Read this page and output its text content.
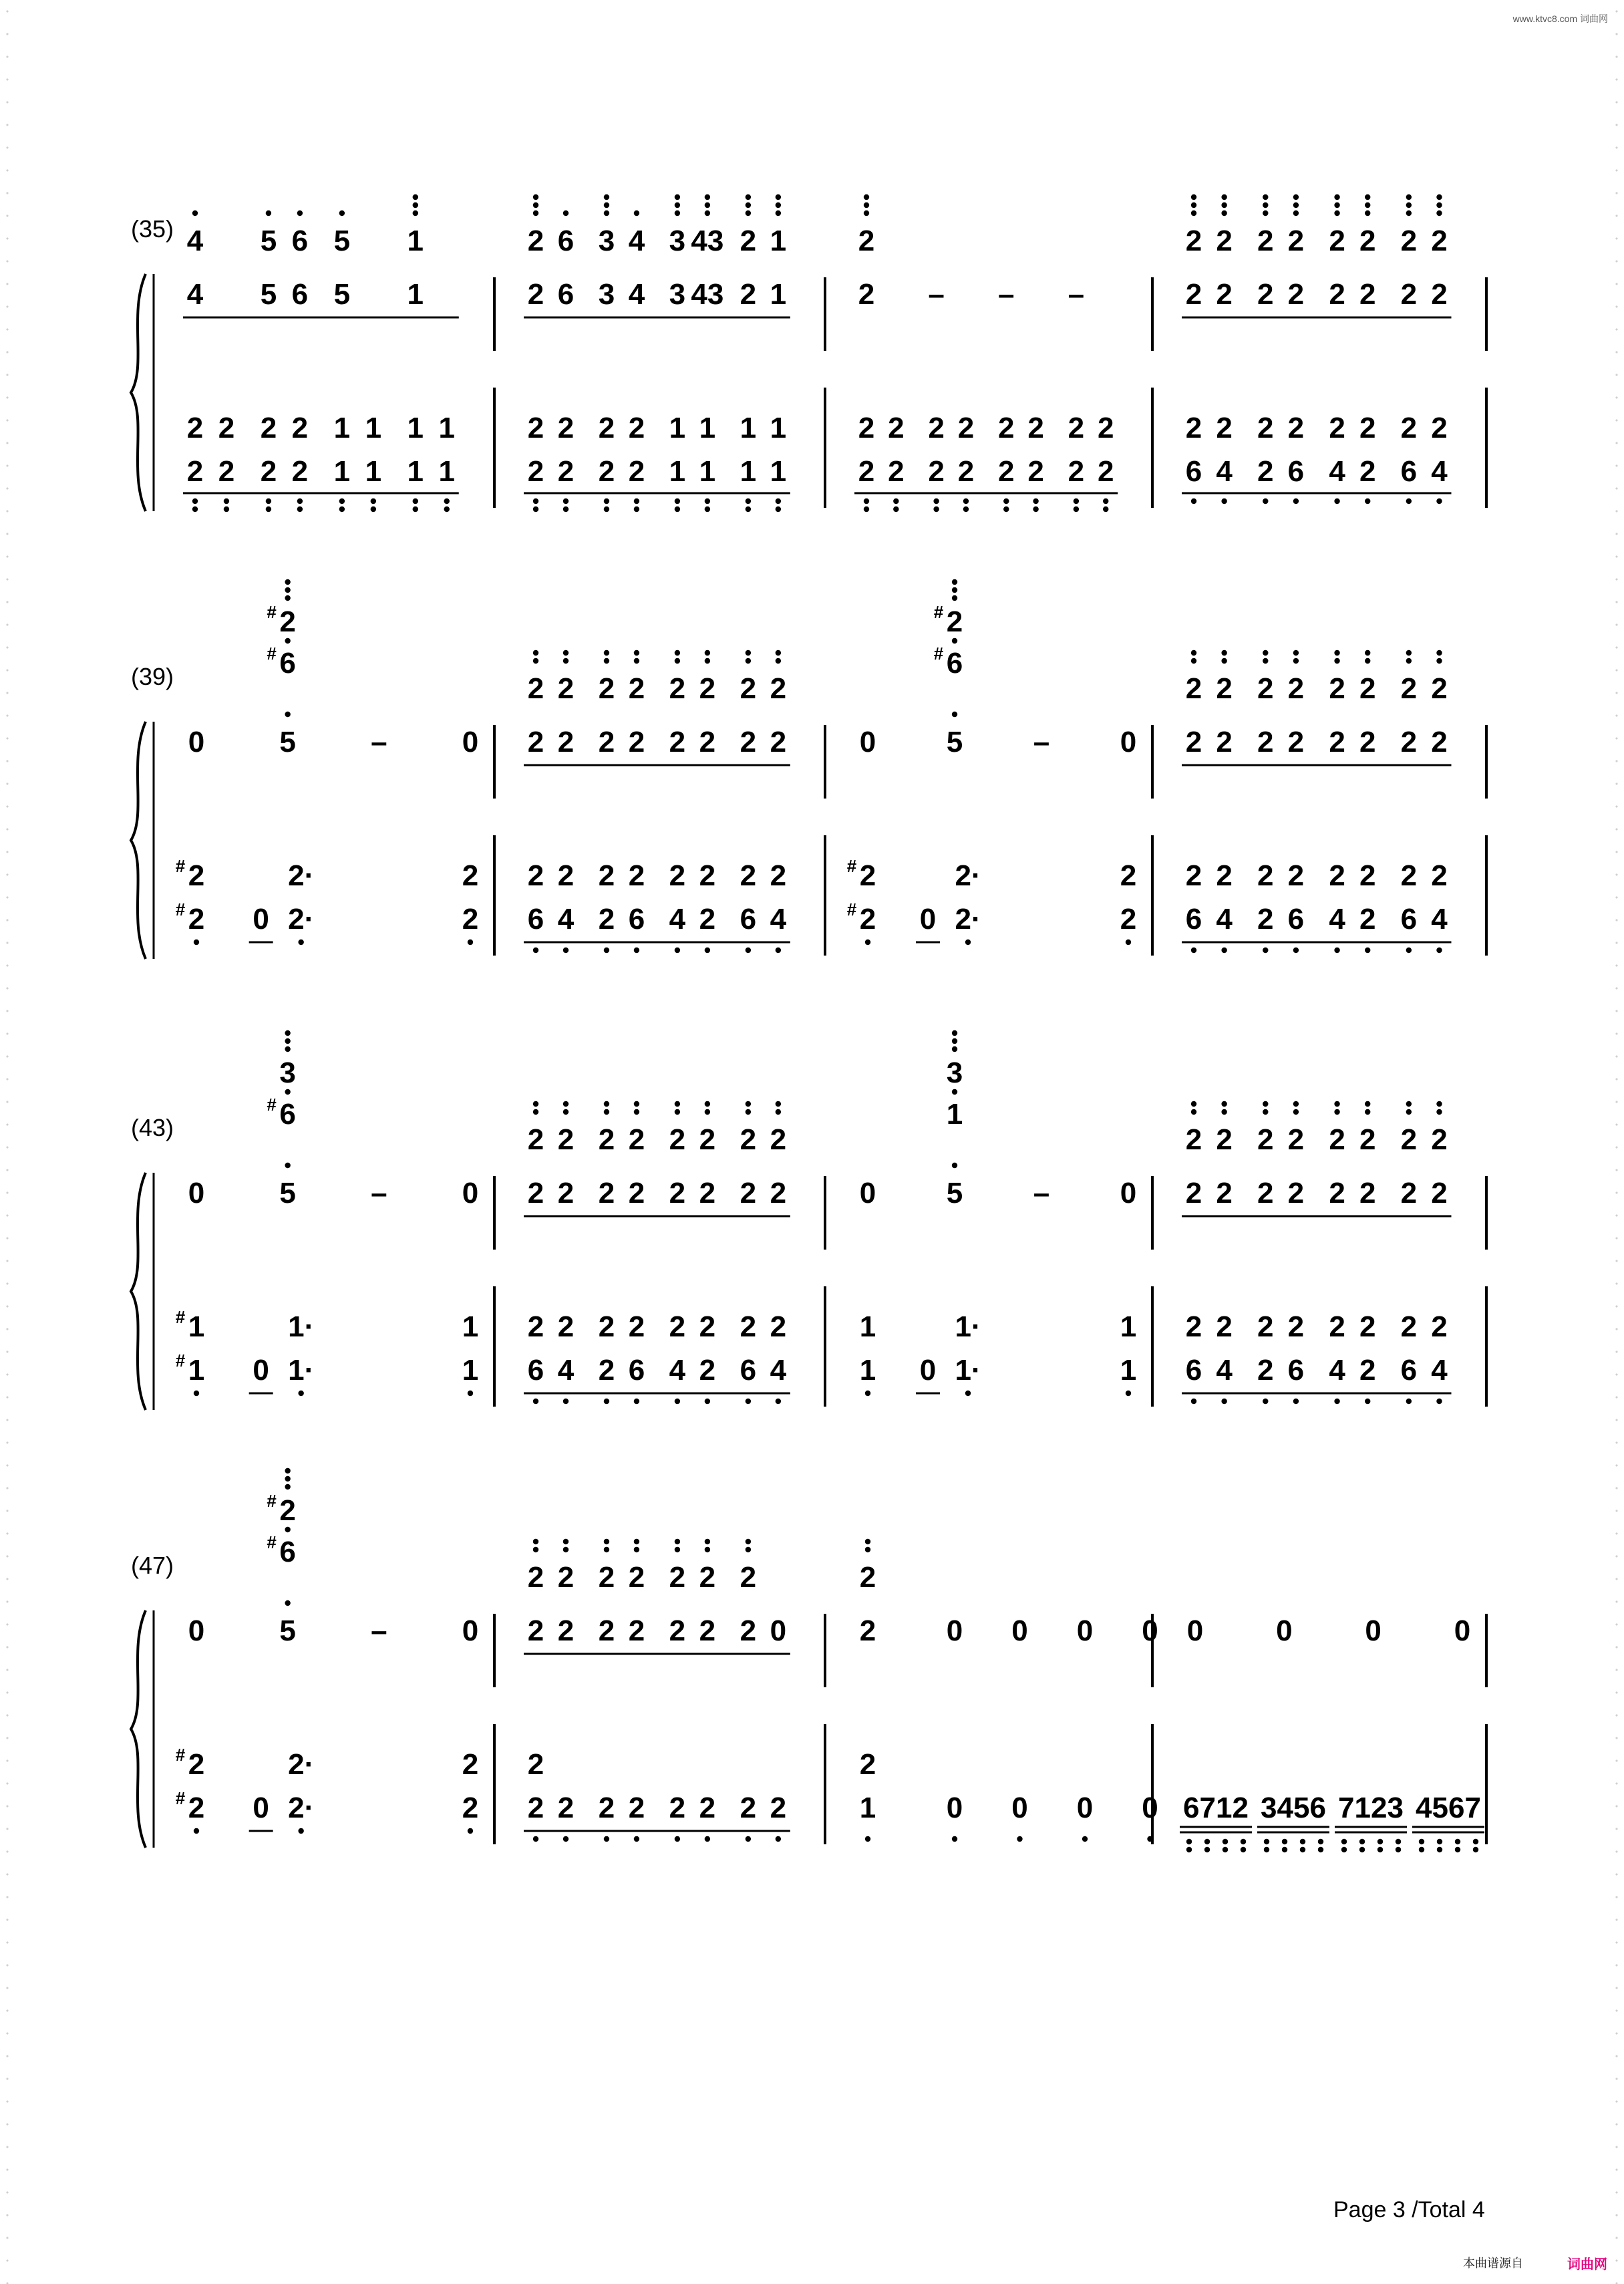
www.ktvc8.com 词曲网
(35) 4 5 6 5 1
4 5 6 5 1
2 2 2 2 1 1 1 1
2 2 2 2 1 1 1 1
2 6 3 4 3 43 2 1
2 6 3 4 3 43 2 1
2 2 2 2 1 1 1 1
2 2 2 2 1 1 1 1
2
2 – – –
2 2 2 2 2 2 2 2
2 2 2 2 2 2 2 2
2 2 2 2 2 2 2 2
2 2 2 2 2 2 2 2
2 2 2 2 2 2 2 2
6 4 2 6 4 2 6 4
(39)
# 2
# 6
0	5	–	0
# 2	2·	2
# 2 0 2·	2
2 2 2 2 2 2 2 2
2 2 2 2 2 2 2 2
2 2 2 2 2 2 2 2
6 4 2 6 4 2 6 4
# 2
# 6
0 5 – 0
# 2	2·	2
# 2 0 2·	2
2 2 2 2 2 2 2 2
2 2 2 2 2 2 2 2
2 2 2 2 2 2 2 2
6 4 2 6 4 2 6 4
(43)
3
# 6
0	5	–	0
# 1	1·	1
# 1 0 1·	1
2 2 2 2 2 2 2 2
2 2 2 2 2 2 2 2
2 2 2 2 2 2 2 2
6 4 2 6 4 2 6 4
3
1
0 5 – 0
1	1·	1
1 0 1·	1
2 2 2 2 2 2 2 2
2 2 2 2 2 2 2 2
2 2 2 2 2 2 2 2
6 4 2 6 4 2 6 4
(47)
# 2
# 6
0	5	–	0
# 2	2·	2
# 2 0 2·	2
2 2 2 2 2 2 2
2 2 2 2 2 2 2 0
2
2 2 2 2 2 2 2 2
2
2 0 0 0 0
2
1 0 0 0 0
0 0 0 0
6712 3456 7123 4567
Page 3 /Total 4
本曲谱源自	词曲网
